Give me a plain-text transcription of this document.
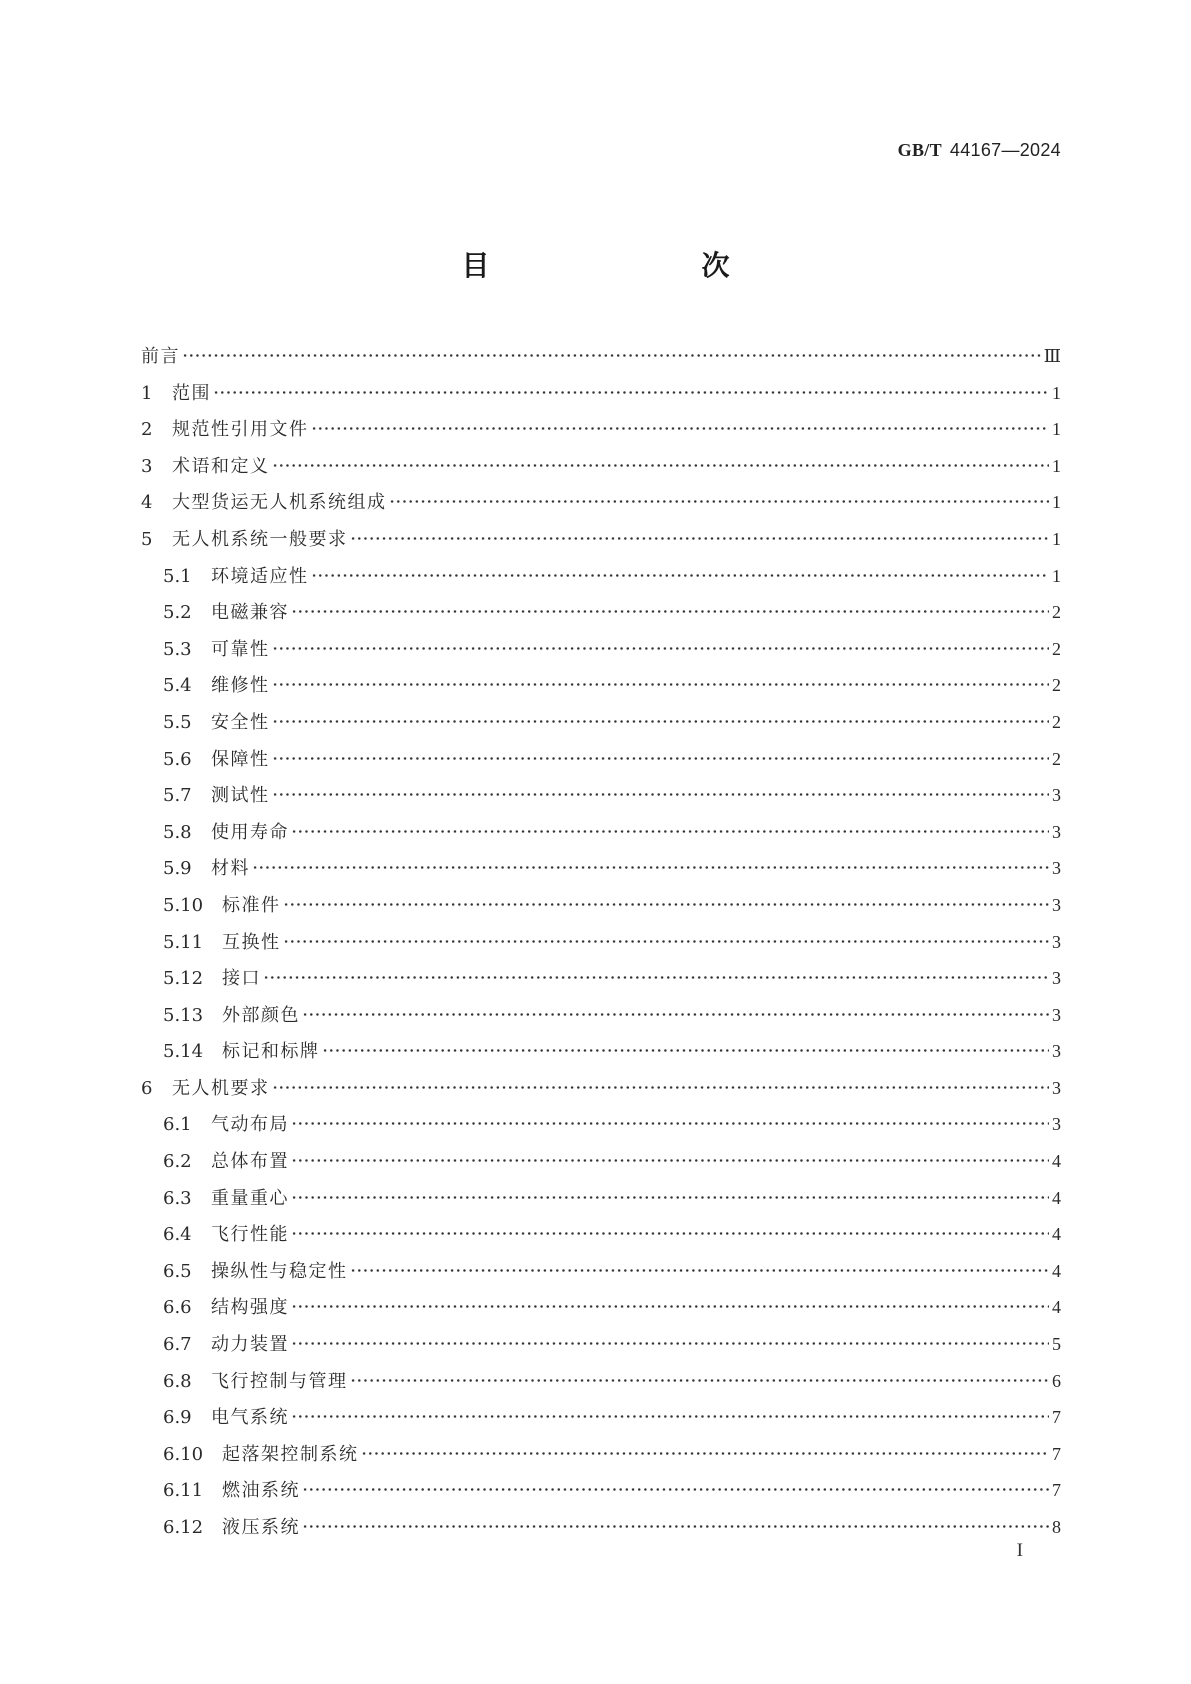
GB/T 44167—2024
目　　次
前言	Ⅲ
1	范围	1
2	规范性引用文件	1
3	术语和定义	1
4	大型货运无人机系统组成	1
5	无人机系统一般要求	1
5.1	环境适应性	1
5.2	电磁兼容	2
5.3	可靠性	2
5.4	维修性	2
5.5	安全性	2
5.6	保障性	2
5.7	测试性	3
5.8	使用寿命	3
5.9	材料	3
5.10	标准件	3
5.11	互换性	3
5.12	接口	3
5.13	外部颜色	3
5.14	标记和标牌	3
6	无人机要求	3
6.1	气动布局	3
6.2	总体布置	4
6.3	重量重心	4
6.4	飞行性能	4
6.5	操纵性与稳定性	4
6.6	结构强度	4
6.7	动力装置	5
6.8	飞行控制与管理	6
6.9	电气系统	7
6.10	起落架控制系统	7
6.11	燃油系统	7
6.12	液压系统	8
I
